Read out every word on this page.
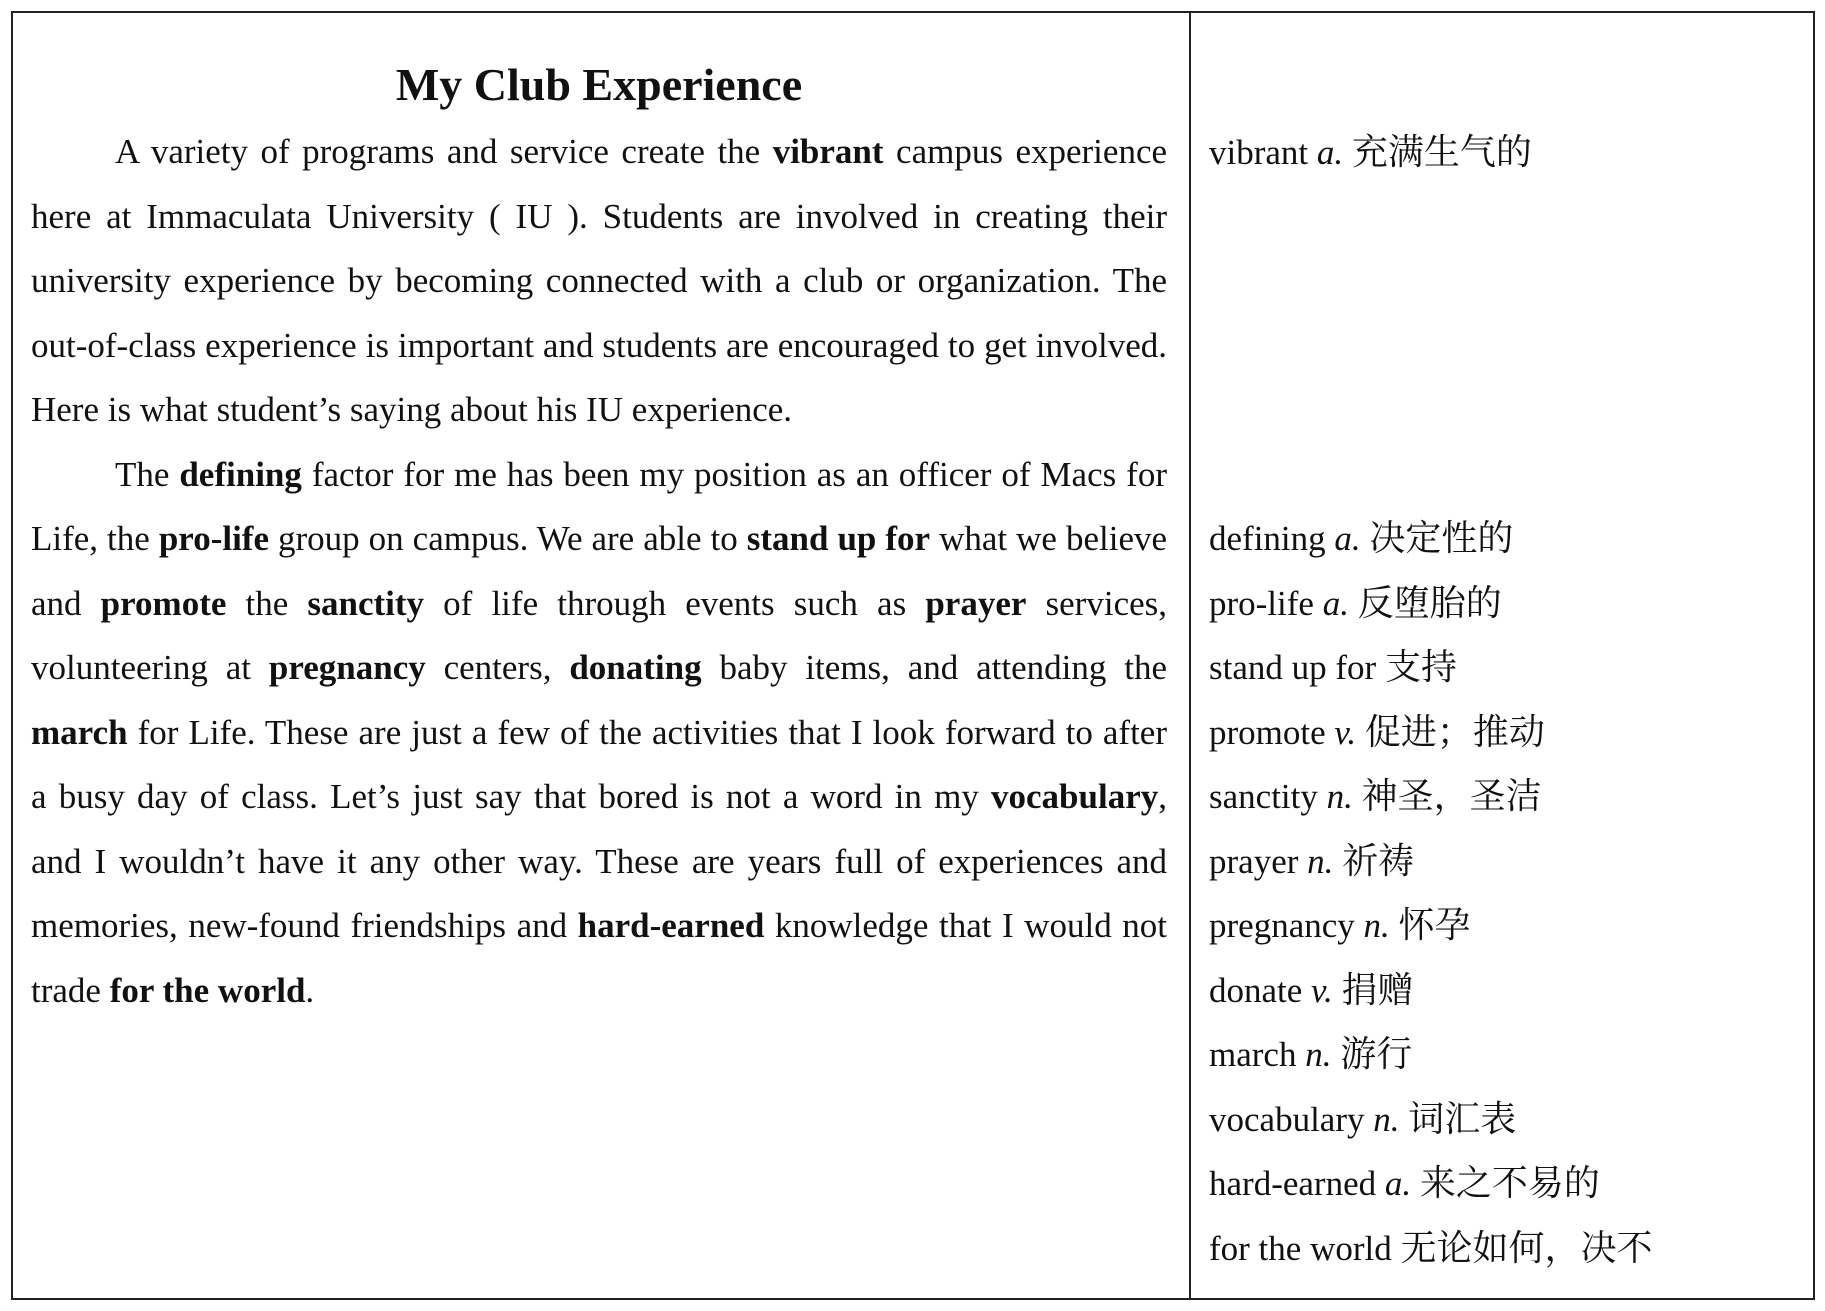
My Club Experience

A variety of programs and service create the vibrant campus experience here at Immaculata University ( IU ). Students are involved in creating their university experience by becoming connected with a club or organization. The out-of-class experience is important and students are encouraged to get involved. Here is what student’s saying about his IU experience.

The defining factor for me has been my position as an officer of Macs for Life, the pro-life group on campus. We are able to stand up for what we believe and promote the sanctity of life through events such as prayer services, volunteering at pregnancy centers, donating baby items, and attending the march for Life. These are just a few of the activities that I look forward to after a busy day of class. Let’s just say that bored is not a word in my vocabulary, and I wouldn’t have it any other way. These are years full of experiences and memories, new-found friendships and hard-earned knowledge that I would not trade for the world.

vibrant a. 充满生气的
defining a. 决定性的
pro-life a. 反堕胎的
stand up for 支持
promote v. 促进；推动
sanctity n. 神圣，圣洁
prayer n. 祈祷
pregnancy n. 怀孕
donate v. 捐赠
march n. 游行
vocabulary n. 词汇表
hard-earned a. 来之不易的
for the world 无论如何，决不
